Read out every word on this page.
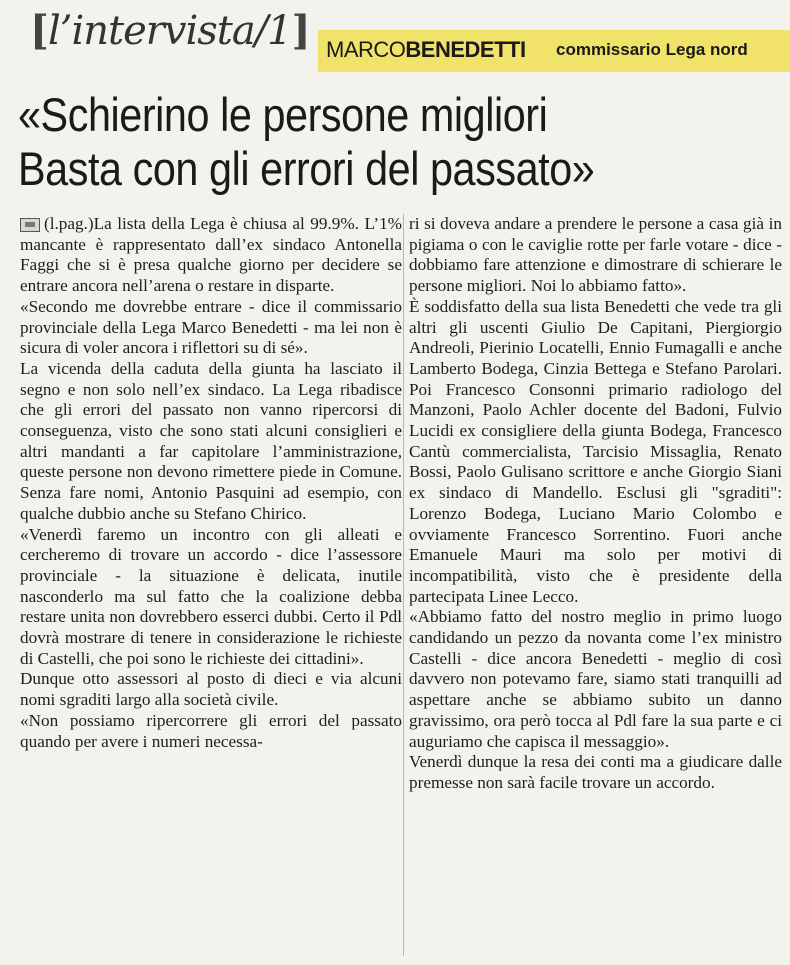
[l’intervista/1] MARCOBENEDETTI commissario Lega nord
«Schierino le persone migliori
Basta con gli errori del passato»

(l.pag.)La lista della Lega è chiusa al 99.9%. L’1% mancante è rappresentato dall’ex sindaco Antonella Faggi che si è presa qualche giorno per decidere se entrare ancora nell’arena o restare in disparte.

«Secondo me dovrebbe entrare - dice il commissario provinciale della Lega Marco Benedetti - ma lei non è sicura di voler ancora i riflettori su di sé».

La vicenda della caduta della giunta ha lasciato il segno e non solo nell’ex sindaco. La Lega ribadisce che gli errori del passato non vanno ripercorsi di conseguenza, visto che sono stati alcuni consiglieri e altri mandanti a far capitolare l’amministrazione, queste persone non devono rimettere piede in Comune. Senza fare nomi, Antonio Pasquini ad esempio, con qualche dubbio anche su Stefano Chirico.

«Venerdì faremo un incontro con gli alleati e cercheremo di trovare un accordo - dice l’assessore provinciale - la situazione è delicata, inutile nasconderlo ma sul fatto che la coalizione debba restare unita non dovrebbero esserci dubbi. Certo il Pdl dovrà mostrare di tenere in considerazione le richieste di Castelli, che poi sono le richieste dei cittadini».

Dunque otto assessori al posto di dieci e via alcuni nomi sgraditi largo alla società civile.

«Non possiamo ripercorrere gli errori del passato quando per avere i numeri necessa-

ri si doveva andare a prendere le persone a casa già in pigiama o con le caviglie rotte per farle votare - dice - dobbiamo fare attenzione e dimostrare di schierare le persone migliori. Noi lo abbiamo fatto».

È soddisfatto della sua lista Benedetti che vede tra gli altri gli uscenti Giulio De Capitani, Piergiorgio Andreoli, Pierinio Locatelli, Ennio Fumagalli e anche Lamberto Bodega, Cinzia Bettega e Stefano Parolari. Poi Francesco Consonni primario radiologo del Manzoni, Paolo Achler docente del Badoni, Fulvio Lucidi ex consigliere della giunta Bodega, Francesco Cantù commercialista, Tarcisio Missaglia, Renato Bossi, Paolo Gulisano scrittore e anche Giorgio Siani ex sindaco di Mandello. Esclusi gli "sgraditi": Lorenzo Bodega, Luciano Mario Colombo e ovviamente Francesco Sorrentino. Fuori anche Emanuele Mauri ma solo per motivi di incompatibilità, visto che è presidente della partecipata Linee Lecco.

«Abbiamo fatto del nostro meglio in primo luogo candidando un pezzo da novanta come l’ex ministro Castelli - dice ancora Benedetti - meglio di così davvero non potevamo fare, siamo stati tranquilli ad aspettare anche se abbiamo subito un danno gravissimo, ora però tocca al Pdl fare la sua parte e ci auguriamo che capisca il messaggio».

Venerdì dunque la resa dei conti ma a giudicare dalle premesse non sarà facile trovare un accordo.
